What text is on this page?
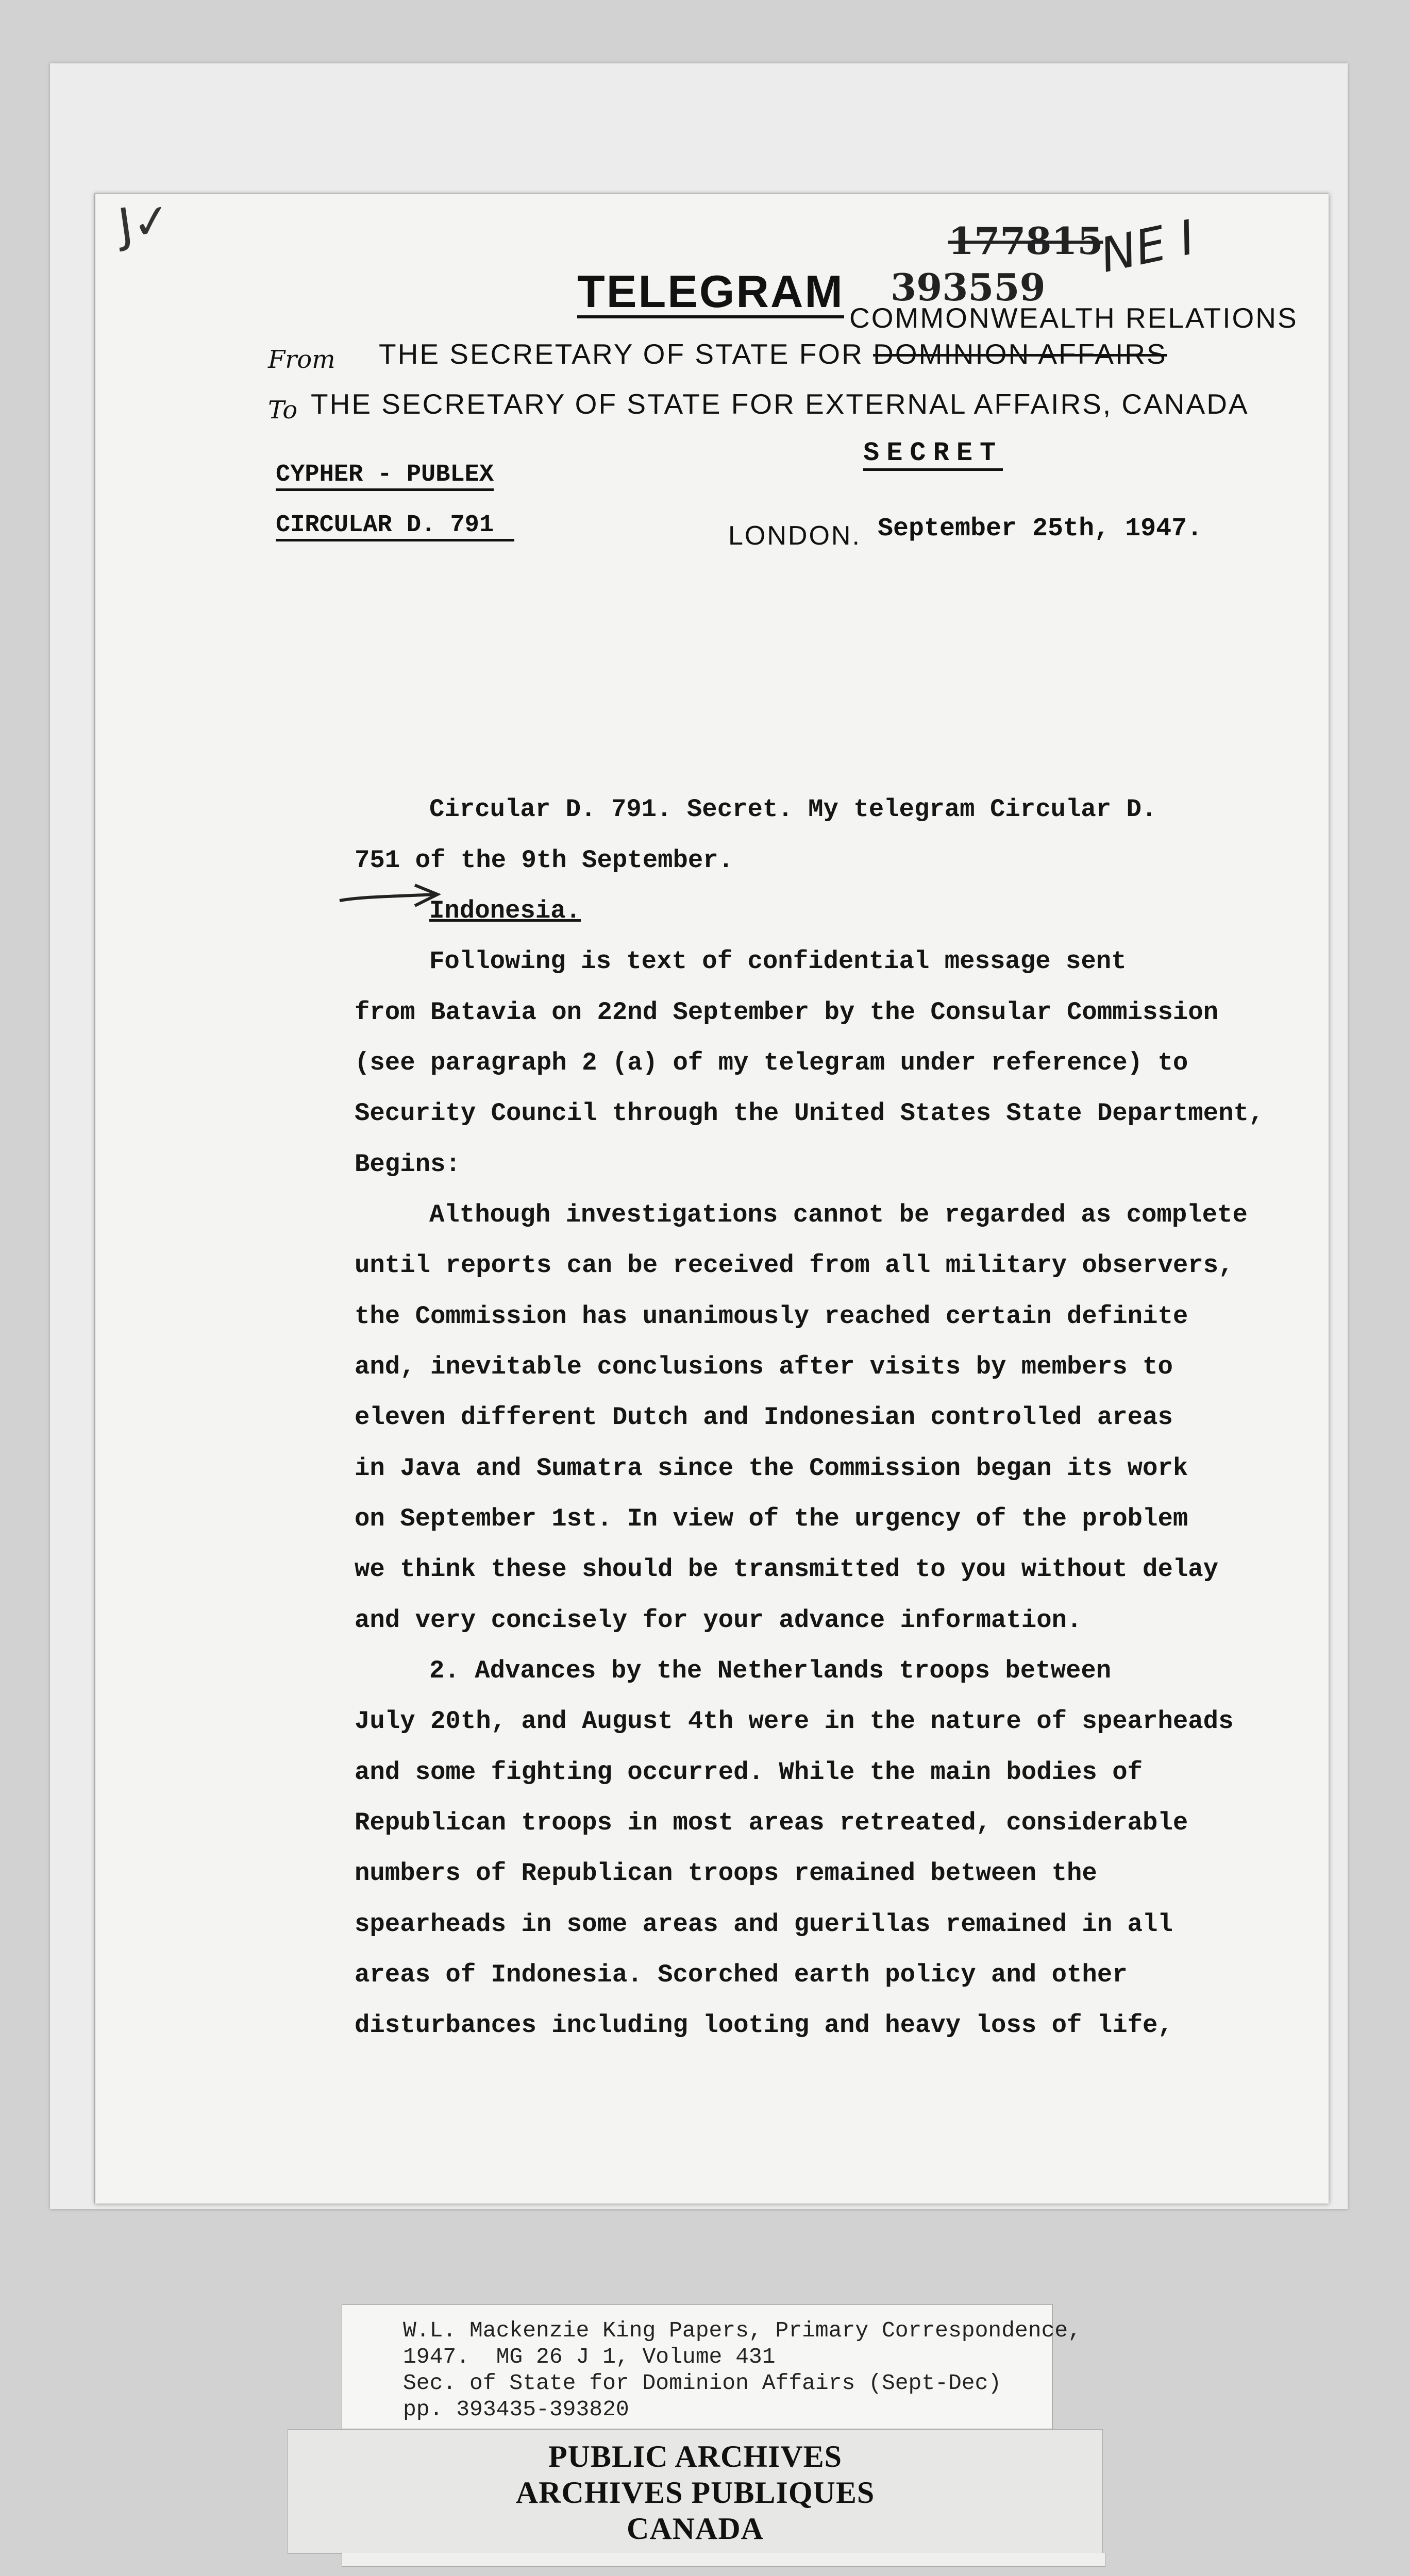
J✓	177815
NE I
TELEGRAM 393559
COMMONWEALTH RELATIONS
From THE SECRETARY OF STATE FOR DOMINION AFFAIRS
To THE SECRETARY OF STATE FOR EXTERNAL AFFAIRS, CANADA
SECRET
CYPHER - PUBLEX
CIRCULAR D. 791	LONDON. September 25th, 1947.
Circular D. 791. Secret. My telegram Circular D.
751 of the 9th September.
Indonesia.
Following is text of confidential message sent
from Batavia on 22nd September by the Consular Commission
(see paragraph 2 (a) of my telegram under reference) to
Security Council through the United States State Department,
Begins:
Although investigations cannot be regarded as complete
until reports can be received from all military observers,
the Commission has unanimously reached certain definite
and, inevitable conclusions after visits by members to
eleven different Dutch and Indonesian controlled areas
in Java and Sumatra since the Commission began its work
on September 1st. In view of the urgency of the problem
we think these should be transmitted to you without delay
and very concisely for your advance information.
2. Advances by the Netherlands troops between
July 20th, and August 4th were in the nature of spearheads
and some fighting occurred. While the main bodies of
Republican troops in most areas retreated, considerable
numbers of Republican troops remained between the
spearheads in some areas and guerillas remained in all
areas of Indonesia. Scorched earth policy and other
disturbances including looting and heavy loss of life,
W.L. Mackenzie King Papers, Primary Correspondence,
1947.  MG 26 J 1, Volume 431
Sec. of State for Dominion Affairs (Sept-Dec)
pp. 393435-393820
PUBLIC ARCHIVES
ARCHIVES PUBLIQUES
CANADA
